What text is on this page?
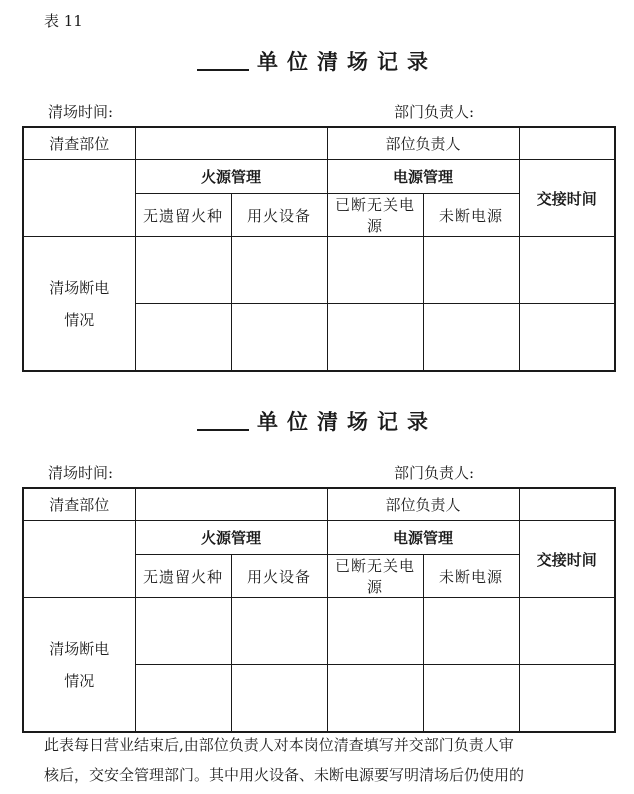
表 11
单位清场记录
清场时间:	部门负责人:
清查部位			部位负责人		
	火源管理		电源管理		交接时间
	无遗留火种	用火设备	已断无关电源	未断电源	
清场断电
情况					

单位清场记录
清场时间:	部门负责人:
清查部位			部位负责人		
	火源管理		电源管理		交接时间
	无遗留火种	用火设备	已断无关电源	未断电源	
清场断电
情况					

此表每日营业结束后,由部位负责人对本岗位清查填写并交部门负责人审
核后，交安全管理部门。其中用火设备、未断电源要写明清场后仍使用的
